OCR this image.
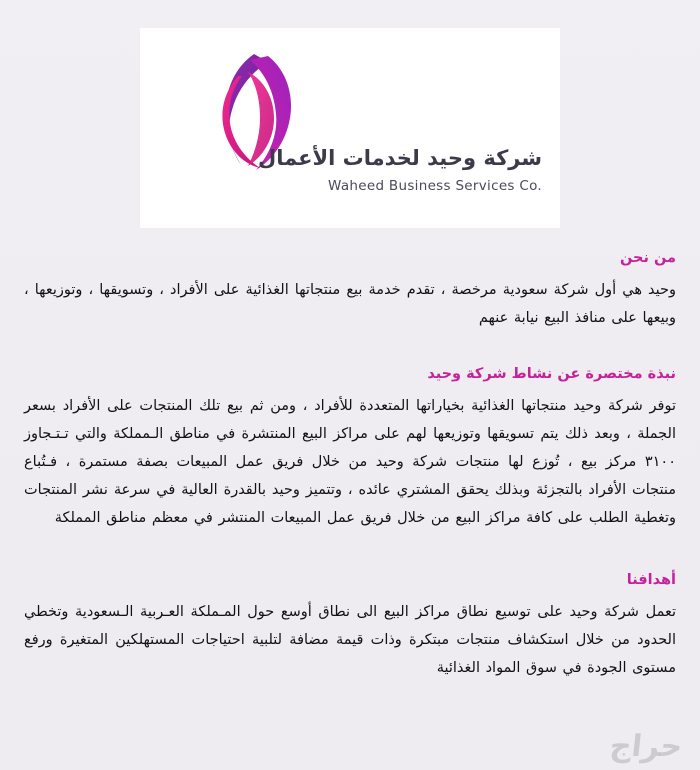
شركة وحيد لخدمات الأعمال
Waheed Business Services Co.
من نحن

وحيد هي أول شركة سعودية مرخصة ، تقدم خدمة بيع منتجاتها الغذائية على الأفراد ، وتسويقها ، وتوزيعها ، وبيعها على منافذ البيع نيابة عنهم

نبذة مختصرة عن نشاط شركة وحيد

توفر شركة وحيد منتجاتها الغذائية بخياراتها المتعددة للأفراد ، ومن ثم بيع تلك المنتجات على الأفراد بسعر الجملة ، وبعد ذلك يتم تسويقها وتوزيعها لهم على مراكز البيع المنتشرة في مناطق الـمملكة والتي تـتـجاوز ٣١٠٠ مركز بيع ، تُوزع لها منتجات شركة وحيد من خلال فريق عمل المبيعات بصفة مستمرة ، فـتُباع منتجات الأفراد بالتجزئة وبذلك يحقق المشتري عائده ، وتتميز وحيد بالقدرة العالية في سرعة نشر المنتجات وتغطية الطلب على كافة مراكز البيع من خلال فريق عمل المبيعات المنتشر في معظم مناطق المملكة

أهدافنا

تعمل شركة وحيد على توسيع نطاق مراكز البيع الى نطاق أوسع حول المـملكة العـربية الـسعودية وتخطي الحدود من خلال استكشاف منتجات مبتكرة وذات قيمة مضافة لتلبية احتياجات المستهلكين المتغيرة ورفع مستوى الجودة في سوق المواد الغذائية

حراج
